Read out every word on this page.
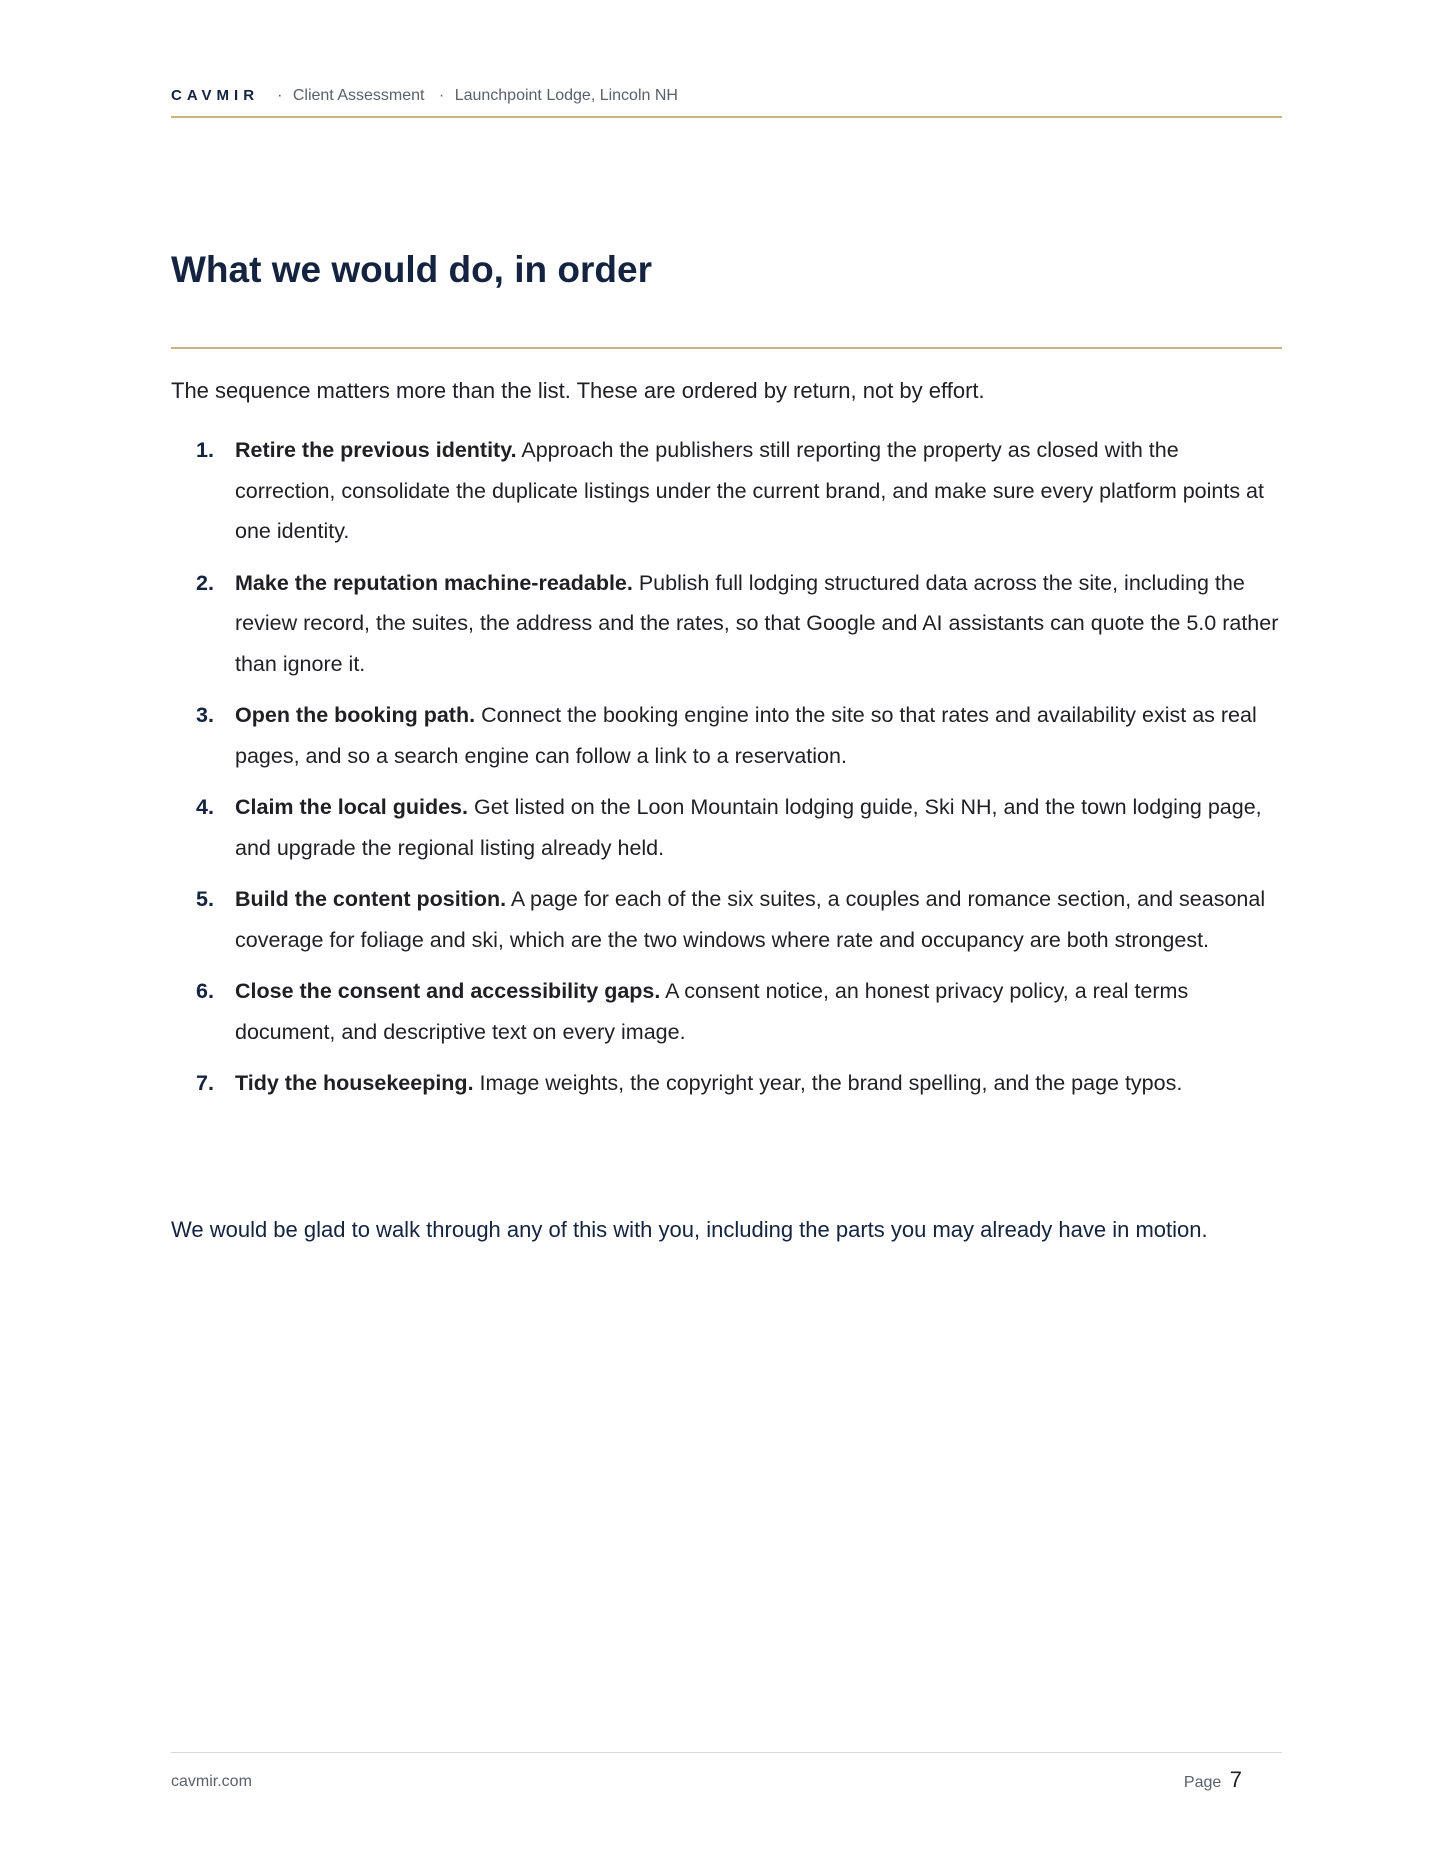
CAVMIR · Client Assessment · Launchpoint Lodge, Lincoln NH
What we would do, in order

The sequence matters more than the list. These are ordered by return, not by effort.

1. Retire the previous identity. Approach the publishers still reporting the property as closed with the correction, consolidate the duplicate listings under the current brand, and make sure every platform points at one identity.
2. Make the reputation machine-readable. Publish full lodging structured data across the site, including the review record, the suites, the address and the rates, so that Google and AI assistants can quote the 5.0 rather than ignore it.
3. Open the booking path. Connect the booking engine into the site so that rates and availability exist as real pages, and so a search engine can follow a link to a reservation.
4. Claim the local guides. Get listed on the Loon Mountain lodging guide, Ski NH, and the town lodging page, and upgrade the regional listing already held.
5. Build the content position. A page for each of the six suites, a couples and romance section, and seasonal coverage for foliage and ski, which are the two windows where rate and occupancy are both strongest.
6. Close the consent and accessibility gaps. A consent notice, an honest privacy policy, a real terms document, and descriptive text on every image.
7. Tidy the housekeeping. Image weights, the copyright year, the brand spelling, and the page typos.

We would be glad to walk through any of this with you, including the parts you may already have in motion.

cavmir.com	Page 7
